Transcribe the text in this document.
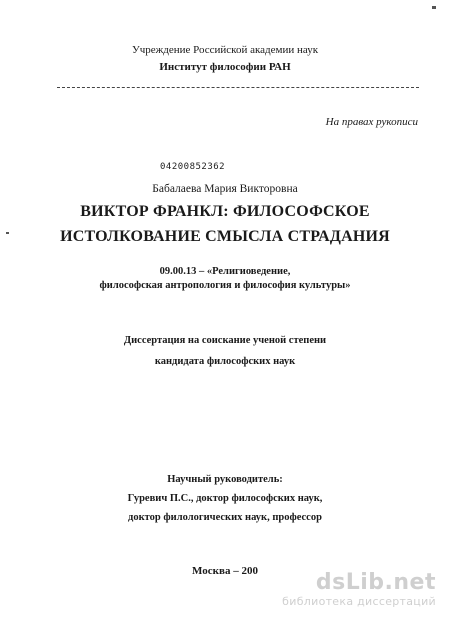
Учреждение Российской академии наук
Институт философии РАН
На правах рукописи
04200852362
Бабалаева Мария Викторовна
ВИКТОР ФРАНКЛ: ФИЛОСОФСКОЕ
ИСТОЛКОВАНИЕ СМЫСЛА СТРАДАНИЯ
09.00.13 – «Религиоведение,
философская антропология и философия культуры»
Диссертация на соискание ученой степени
кандидата философских наук
Научный руководитель:
Гуревич П.С., доктор философских наук,
доктор филологических наук, профессор
Москва – 200	dsLib.net
библиотека диссертаций
